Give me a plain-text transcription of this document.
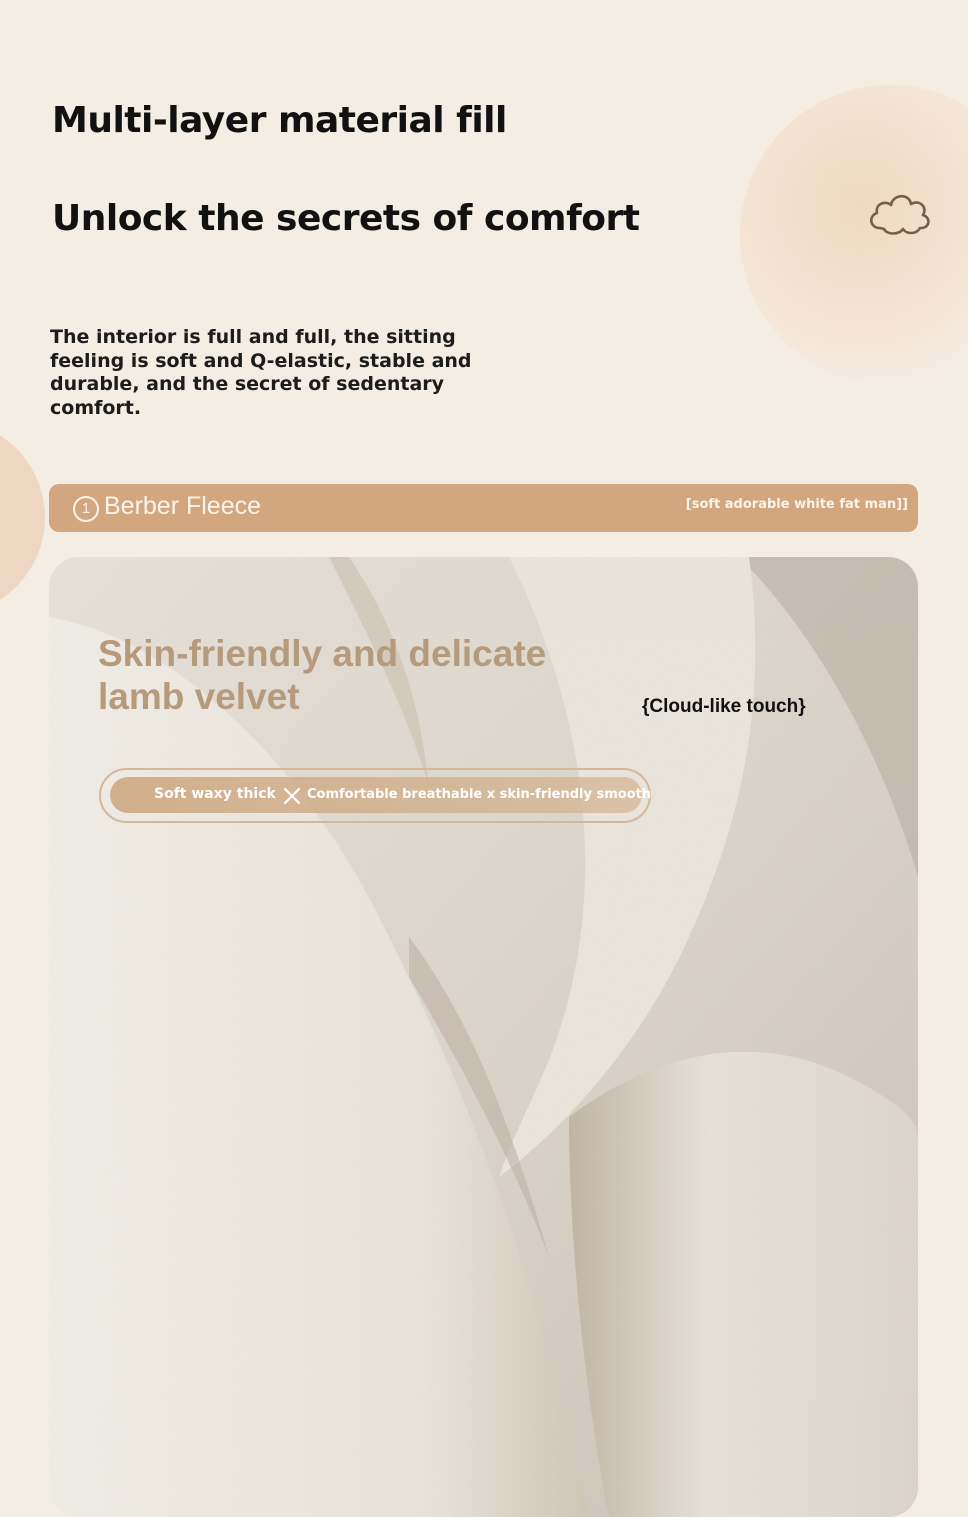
Multi-layer material fill
Unlock the secrets of comfort
The interior is full and full, the sitting feeling is soft and Q-elastic, stable and durable, and the secret of sedentary comfort.
1 Berber Fleece	[soft adorable white fat man]]
Skin-friendly and delicate lamb velvet	{Cloud-like touch}
Soft waxy thick Comfortable breathable x skin-friendly smooth
